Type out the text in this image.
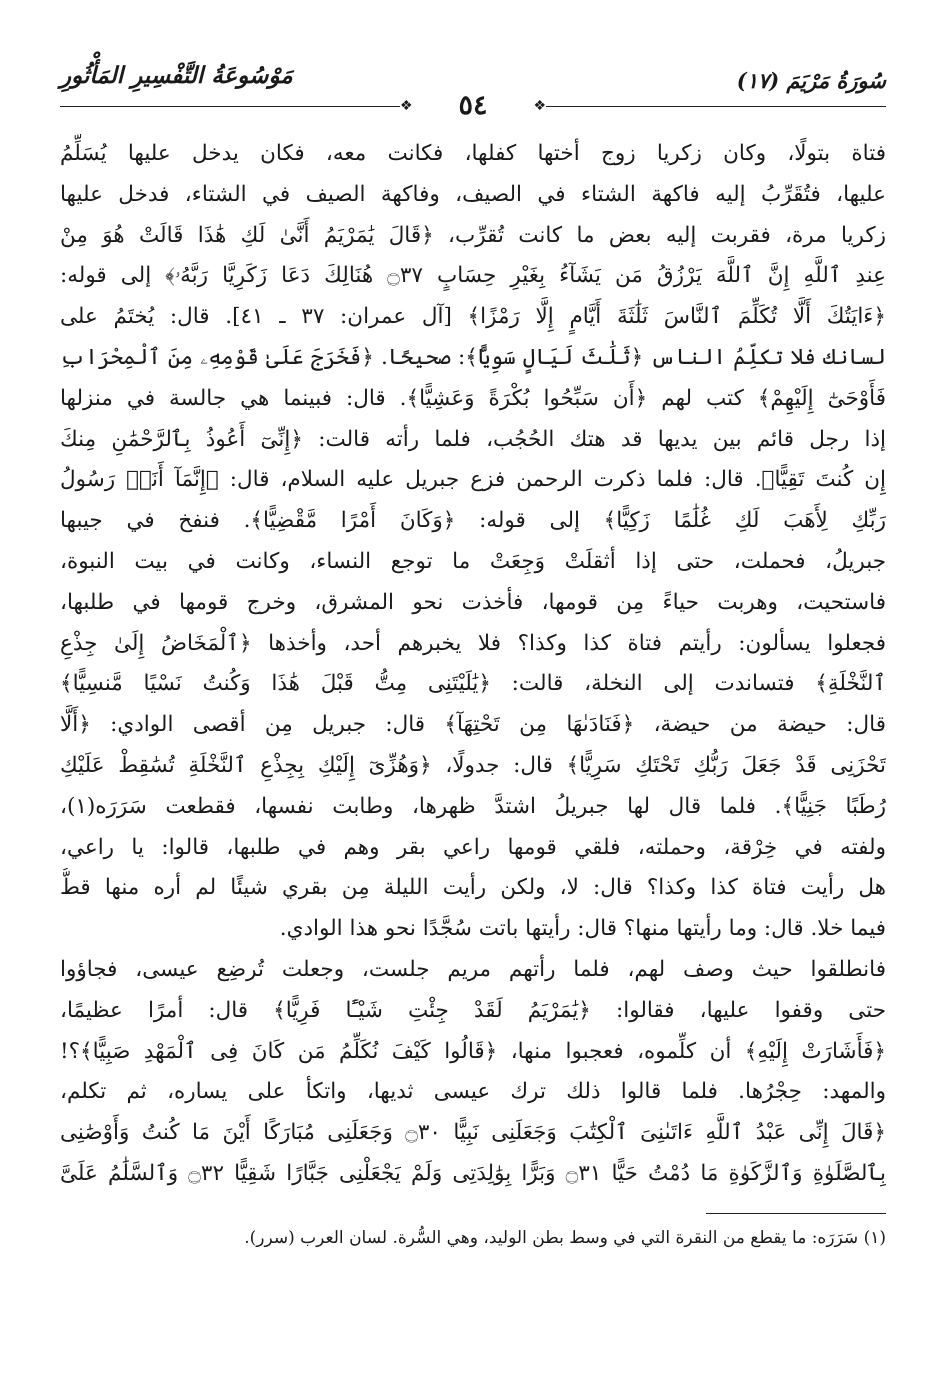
سُورَةُ مَرْيَمَ (١٧)
❖
٥٤
❖
مَوْسُوعَةُ التَّفْسِيرِ المَأْثُورِ
فتاة بتولًا، وكان زكريا زوج أختها كفلها، فكانت معه، فكان يدخل عليها يُسَلِّمُ
عليها، فتُقَرِّبُ إليه فاكهة الشتاء في الصيف، وفاكهة الصيف في الشتاء، فدخل عليها
زكريا مرة، فقربت إليه بعض ما كانت تُقرِّب، ﴿قَالَ يَٰمَرْيَمُ أَنَّىٰ لَكِ هَٰذَا قَالَتْ هُوَ مِنْ
عِندِ ٱللَّهِ إِنَّ ٱللَّهَ يَرْزُقُ مَن يَشَآءُ بِغَيْرِ حِسَابٍ ۝٣٧ هُنَالِكَ دَعَا زَكَرِيَّا رَبَّهُۥ﴾ إلى قوله:
﴿ءَايَتُكَ أَلَّا تُكَلِّمَ ٱلنَّاسَ ثَلَٰثَةَ أَيَّامٍ إِلَّا رَمْزًا﴾ [آل عمران: ٣٧ ـ ٤١]. قال: يُختَمُ على
لسانك فلا تكلِّمُ الناس ﴿ثَلَٰثَ لَيَالٍ سَوِيًّا﴾: صحيحًا. ﴿فَخَرَجَ عَلَىٰ قَوْمِهِۦ مِنَ ٱلْمِحْرَابِ
فَأَوْحَىٰٓ إِلَيْهِمْ﴾ كتب لهم ﴿أَن سَبِّحُوا بُكْرَةً وَعَشِيًّا﴾. قال: فبينما هي جالسة في منزلها
إذا رجل قائم بين يديها قد هتك الحُجُب، فلما رأته قالت: ﴿إِنِّىٓ أَعُوذُ بِٱلرَّحْمَٰنِ مِنكَ
إِن كُنتَ تَقِيًّا﴾. قال: فلما ذكرت الرحمن فزع جبريل عليه السلام، قال: ﴿إِنَّمَآ أَنَا۠ رَسُولُ
رَبِّكِ لِأَهَبَ لَكِ غُلَٰمًا زَكِيًّا﴾ إلى قوله: ﴿وَكَانَ أَمْرًا مَّقْضِيًّا﴾. فنفخ في جيبها
جبريلُ، فحملت، حتى إذا أثقلَتْ وَجِعَتْ ما توجع النساء، وكانت في بيت النبوة،
فاستحيت، وهربت حياءً مِن قومها، فأخذت نحو المشرق، وخرج قومها في طلبها،
فجعلوا يسألون: رأيتم فتاة كذا وكذا؟ فلا يخبرهم أحد، وأخذها ﴿ٱلْمَخَاضُ إِلَىٰ جِذْعِ
ٱلنَّخْلَةِ﴾ فتساندت إلى النخلة، قالت: ﴿يَٰلَيْتَنِى مِتُّ قَبْلَ هَٰذَا وَكُنتُ نَسْيًا مَّنسِيًّا﴾
قال: حيضة من حيضة، ﴿فَنَادَىٰهَا مِن تَحْتِهَآ﴾ قال: جبريل مِن أقصى الوادي: ﴿أَلَّا
تَحْزَنِى قَدْ جَعَلَ رَبُّكِ تَحْتَكِ سَرِيًّا﴾ قال: جدولًا، ﴿وَهُزِّىٓ إِلَيْكِ بِجِذْعِ ٱلنَّخْلَةِ تُسَٰقِطْ عَلَيْكِ
رُطَبًا جَنِيًّا﴾. فلما قال لها جبريلُ اشتدَّ ظهرها، وطابت نفسها، فقطعت سَرَرَه(١)،
ولفته في خِرْقة، وحملته، فلقي قومها راعي بقر وهم في طلبها، قالوا: يا راعي،
هل رأيت فتاة كذا وكذا؟ قال: لا، ولكن رأيت الليلة مِن بقري شيئًا لم أره منها قطُّ
فيما خلا. قال: وما رأيتها منها؟ قال: رأيتها باتت سُجَّدًا نحو هذا الوادي.
فانطلقوا حيث وصف لهم، فلما رأتهم مريم جلست، وجعلت تُرضِع عيسى، فجاؤوا
حتى وقفوا عليها، فقالوا: ﴿يَٰمَرْيَمُ لَقَدْ جِئْتِ شَيْـًٔا فَرِيًّا﴾ قال: أمرًا عظيمًا،
﴿فَأَشَارَتْ إِلَيْهِ﴾ أن كلِّموه، فعجبوا منها، ﴿قَالُوا كَيْفَ نُكَلِّمُ مَن كَانَ فِى ٱلْمَهْدِ صَبِيًّا﴾؟!
والمهد: حِجْرُها. فلما قالوا ذلك ترك عيسى ثديها، واتكأ على يساره، ثم تكلم،
﴿قَالَ إِنِّى عَبْدُ ٱللَّهِ ءَاتَىٰنِىَ ٱلْكِتَٰبَ وَجَعَلَنِى نَبِيًّا ۝٣٠ وَجَعَلَنِى مُبَارَكًا أَيْنَ مَا كُنتُ وَأَوْصَٰنِى
بِٱلصَّلَوٰةِ وَٱلزَّكَوٰةِ مَا دُمْتُ حَيًّا ۝٣١ وَبَرًّا بِوَٰلِدَتِى وَلَمْ يَجْعَلْنِى جَبَّارًا شَقِيًّا ۝٣٢ وَٱلسَّلَٰمُ عَلَىَّ
(١) سَرَرَه: ما يقطع من النقرة التي في وسط بطن الوليد، وهي السُّرة. لسان العرب (سرر).
